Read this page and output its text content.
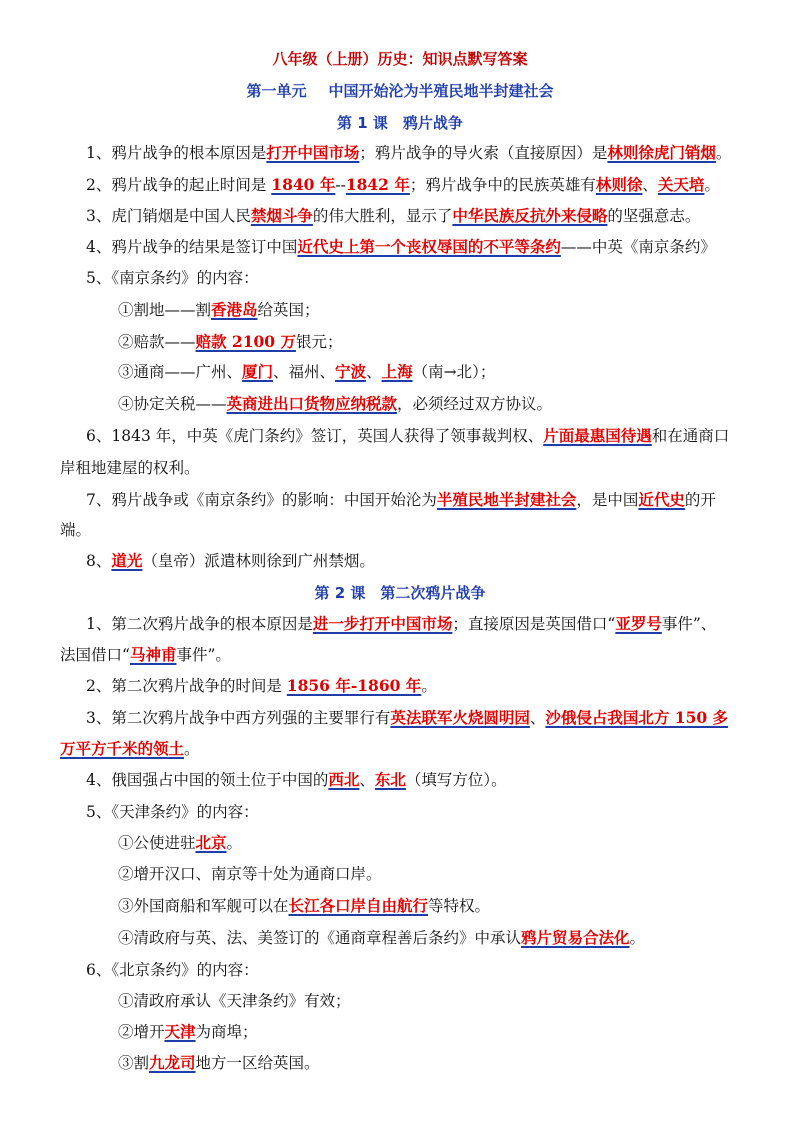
八年级（上册）历史：知识点默写答案
第一单元 中国开始沦为半殖民地半封建社会
第 1 课　鸦片战争
第 2 课　第二次鸦片战争
1、鸦片战争的根本原因是打开中国市场；鸦片战争的导火索（直接原因）是林则徐虎门销烟。
2、鸦片战争的起止时间是 1840 年--1842 年；鸦片战争中的民族英雄有林则徐、关天培。
3、虎门销烟是中国人民禁烟斗争的伟大胜利，显示了中华民族反抗外来侵略的坚强意志。
4、鸦片战争的结果是签订中国近代史上第一个丧权辱国的不平等条约——中英《南京条约》
5、《南京条约》的内容：
①割地——割香港岛给英国；
②赔款——赔款 2100 万银元；
③通商——广州、厦门、福州、宁波、上海（南→北）；
④协定关税——英商进出口货物应纳税款，必须经过双方协议。
6、1843 年，中英《虎门条约》签订，英国人获得了领事裁判权、片面最惠国待遇和在通商口
岸租地建屋的权利。
7、鸦片战争或《南京条约》的影响：中国开始沦为半殖民地半封建社会，是中国近代史的开
端。
8、道光（皇帝）派遣林则徐到广州禁烟。
1、第二次鸦片战争的根本原因是进一步打开中国市场；直接原因是英国借口“亚罗号事件”、
法国借口“马神甫事件”。
2、第二次鸦片战争的时间是 1856 年-1860 年。
3、第二次鸦片战争中西方列强的主要罪行有英法联军火烧圆明园、沙俄侵占我国北方 150 多
万平方千米的领土。
4、俄国强占中国的领土位于中国的西北、东北（填写方位）。
5、《天津条约》的内容：
①公使进驻北京。
②增开汉口、南京等十处为通商口岸。
③外国商船和军舰可以在长江各口岸自由航行等特权。
④清政府与英、法、美签订的《通商章程善后条约》中承认鸦片贸易合法化。
6、《北京条约》的内容：
①清政府承认《天津条约》有效；
②增开天津为商埠；
③割九龙司地方一区给英国。
